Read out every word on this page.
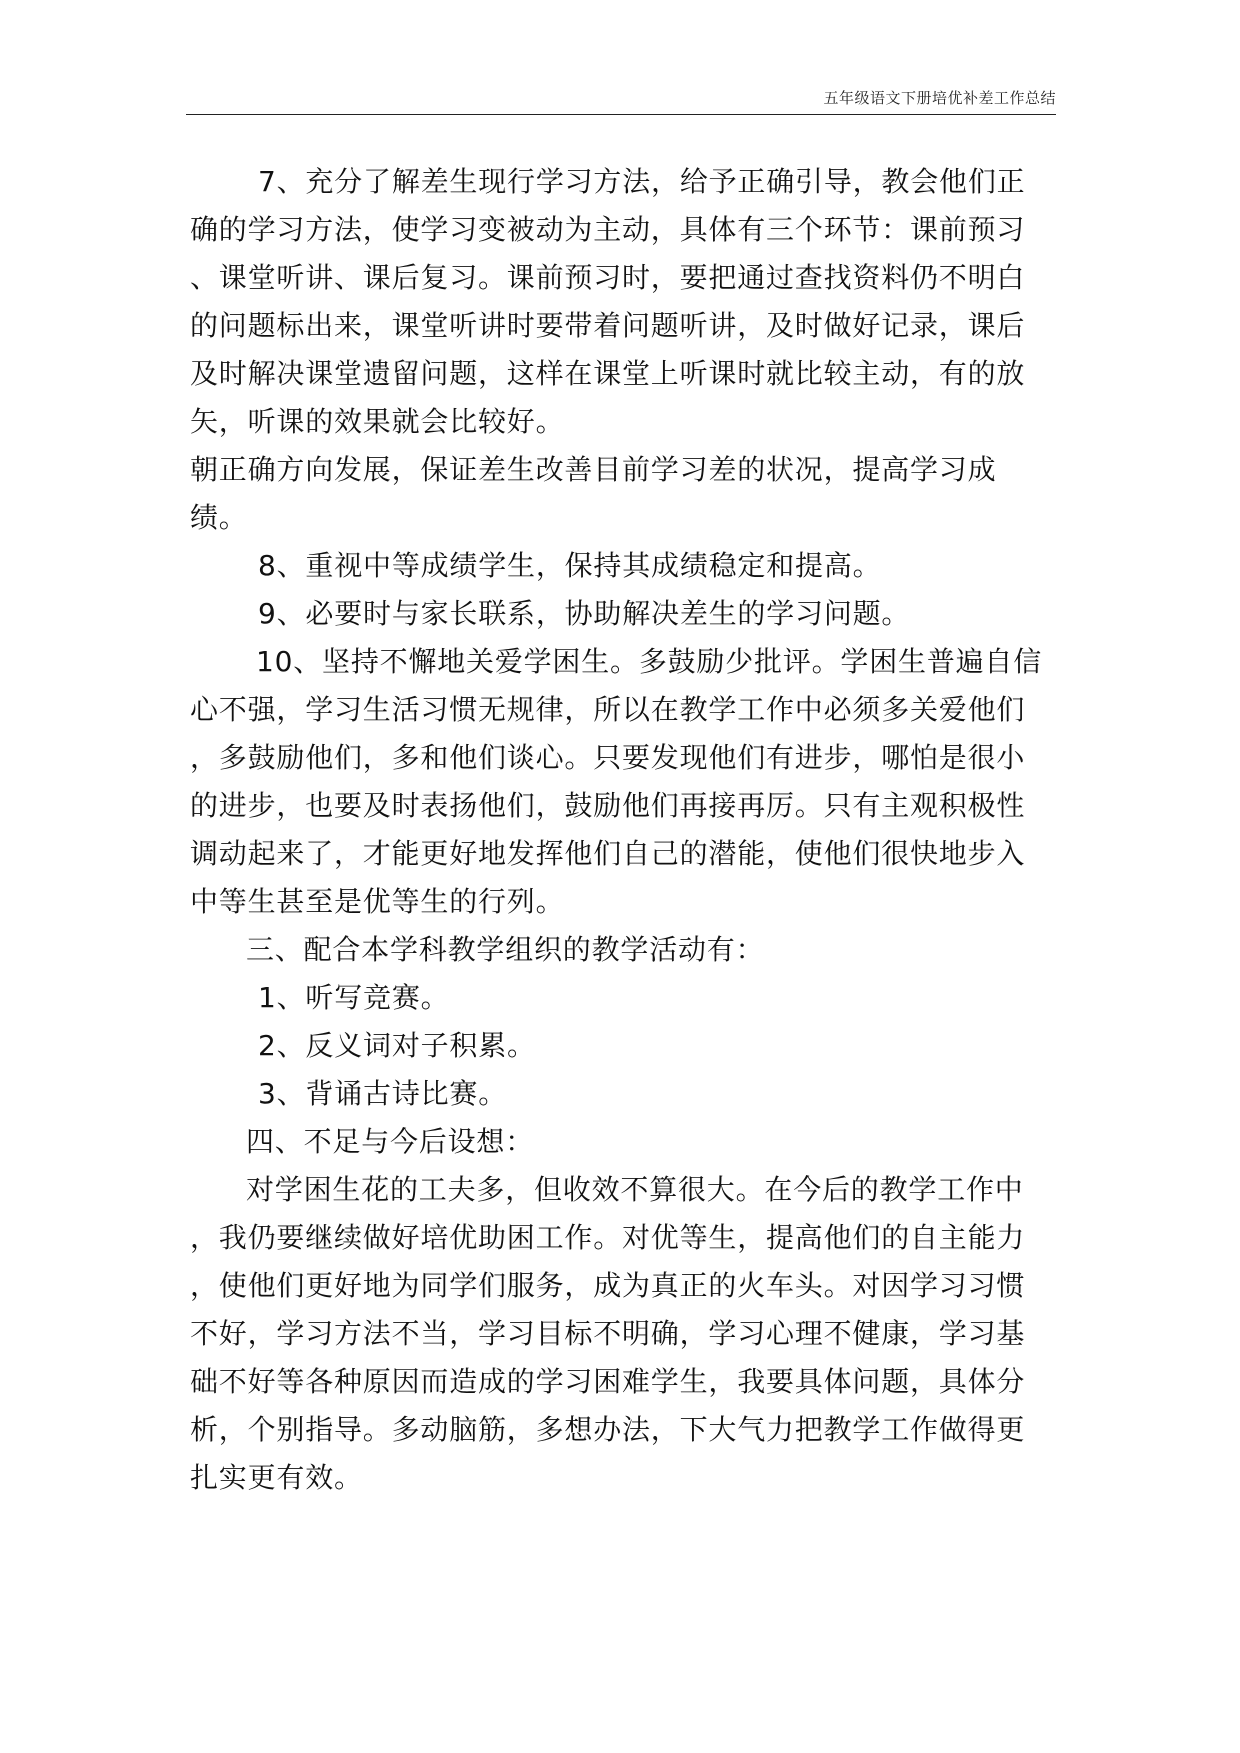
五年级语文下册培优补差工作总结
7、充分了解差生现行学习方法，给予正确引导，教会他们正
确的学习方法，使学习变被动为主动，具体有三个环节：课前预习
、课堂听讲、课后复习。课前预习时，要把通过查找资料仍不明白
的问题标出来，课堂听讲时要带着问题听讲，及时做好记录，课后
及时解决课堂遗留问题，这样在课堂上听课时就比较主动，有的放
矢，听课的效果就会比较好。
朝正确方向发展，保证差生改善目前学习差的状况，提高学习成
绩。
8、重视中等成绩学生，保持其成绩稳定和提高。
9、必要时与家长联系，协助解决差生的学习问题。
10、坚持不懈地关爱学困生。多鼓励少批评。学困生普遍自信
心不强，学习生活习惯无规律，所以在教学工作中必须多关爱他们
，多鼓励他们，多和他们谈心。只要发现他们有进步，哪怕是很小
的进步，也要及时表扬他们，鼓励他们再接再厉。只有主观积极性
调动起来了，才能更好地发挥他们自己的潜能，使他们很快地步入
中等生甚至是优等生的行列。
三、配合本学科教学组织的教学活动有：
1、听写竞赛。
2、反义词对子积累。
3、背诵古诗比赛。
四、不足与今后设想：
对学困生花的工夫多，但收效不算很大。在今后的教学工作中
，我仍要继续做好培优助困工作。对优等生，提高他们的自主能力
，使他们更好地为同学们服务，成为真正的火车头。对因学习习惯
不好，学习方法不当，学习目标不明确，学习心理不健康，学习基
础不好等各种原因而造成的学习困难学生，我要具体问题，具体分
析，个别指导。多动脑筋，多想办法，下大气力把教学工作做得更
扎实更有效。
